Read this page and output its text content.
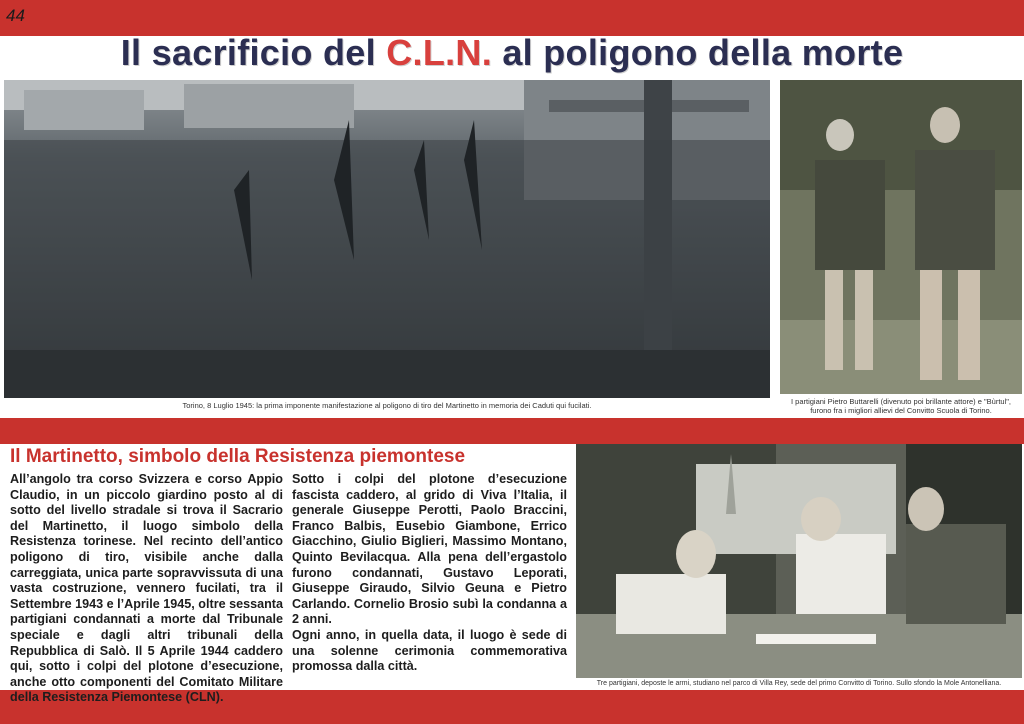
44
Il sacrificio del C.L.N. al poligono della morte
Torino, 8 Luglio 1945: la prima imponente manifestazione al poligono di tiro del Martinetto in memoria dei Caduti qui fucilati.	I partigiani Pietro Buttarelli (divenuto poi brillante attore) e "Bùrtul",
furono fra i migliori allievi del Convitto Scuola di Torino.
Il Martinetto, simbolo della Resistenza piemontese
All’angolo tra corso Svizzera e corso Appio Claudio, in un piccolo giardino posto al di sotto del livello stradale si trova il Sacrario del Martinetto, il luogo simbolo della Resistenza torinese. Nel recinto dell’antico poligono di tiro, visibile anche dalla carreggiata, unica parte sopravvissuta di una vasta costruzione, vennero fucilati, tra il Settembre 1943 e l’Aprile 1945, oltre sessanta partigiani condannati a morte dal Tribunale speciale e dagli altri tribunali della Repubblica di Salò. Il 5 Aprile 1944 caddero qui, sotto i colpi del plotone d’esecuzione, anche otto componenti del Comitato Militare della Resistenza Piemontese (CLN).
Sotto i colpi del plotone d’esecuzione fascista caddero, al grido di Viva l’Italia, il generale Giuseppe Perotti, Paolo Braccini, Franco Balbis, Eusebio Giambone, Errico Giacchino, Giulio Biglieri, Massimo Montano, Quinto Bevilacqua. Alla pena dell’ergastolo furono condannati, Gustavo Leporati, Giuseppe Giraudo, Silvio Geuna e Pietro Carlando. Cornelio Brosio subì la condanna a 2 anni.
Ogni anno, in quella data, il luogo è sede di una solenne cerimonia commemorativa promossa dalla città.
Tre partigiani, deposte le armi, studiano nel parco di Villa Rey, sede del primo Convitto di Torino. Sullo sfondo la Mole Antonelliana.
